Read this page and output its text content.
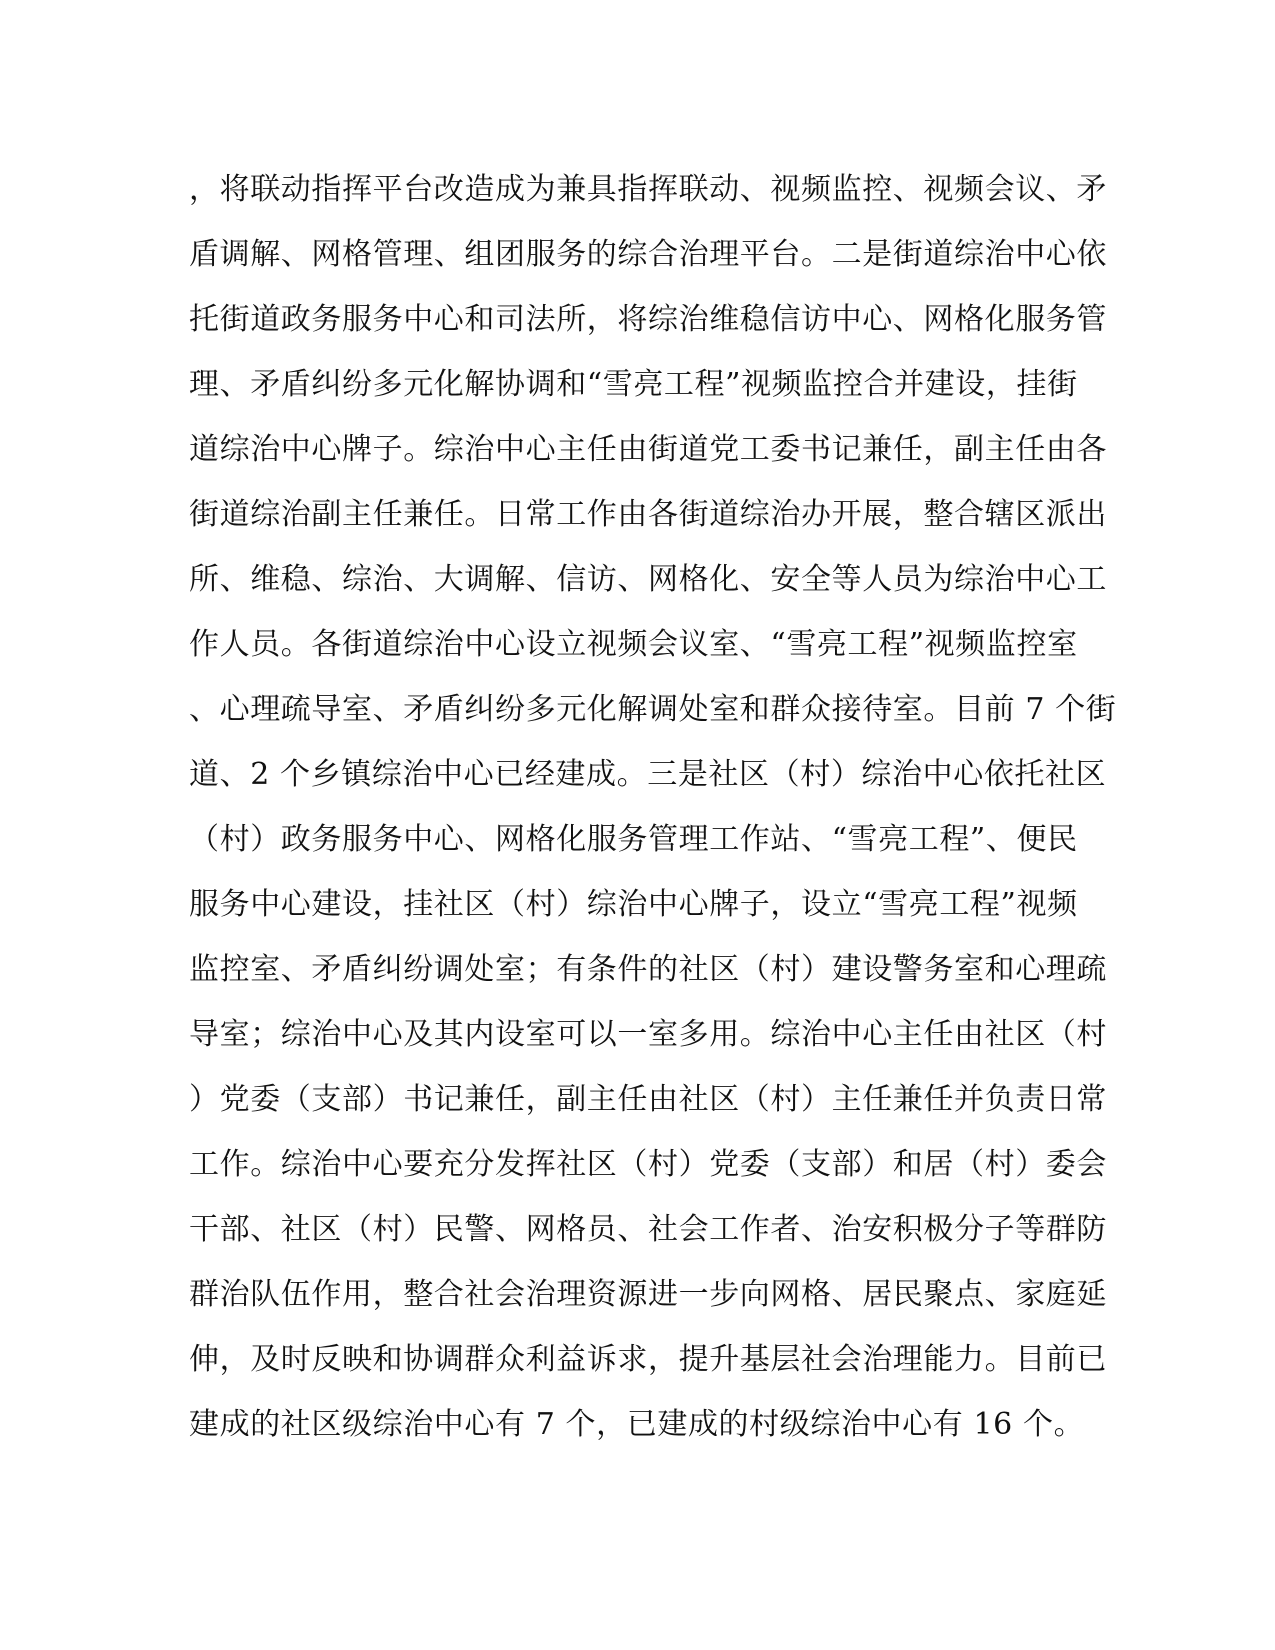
，将联动指挥平台改造成为兼具指挥联动、视频监控、视频会议、矛
盾调解、网格管理、组团服务的综合治理平台。二是街道综治中心依
托街道政务服务中心和司法所，将综治维稳信访中心、网格化服务管
理、矛盾纠纷多元化解协调和“雪亮工程”视频监控合并建设，挂街
道综治中心牌子。综治中心主任由街道党工委书记兼任，副主任由各
街道综治副主任兼任。日常工作由各街道综治办开展，整合辖区派出
所、维稳、综治、大调解、信访、网格化、安全等人员为综治中心工
作人员。各街道综治中心设立视频会议室、“雪亮工程”视频监控室
、心理疏导室、矛盾纠纷多元化解调处室和群众接待室。目前 7 个街
道、2 个乡镇综治中心已经建成。三是社区（村）综治中心依托社区
（村）政务服务中心、网格化服务管理工作站、“雪亮工程”、便民
服务中心建设，挂社区（村）综治中心牌子，设立“雪亮工程”视频
监控室、矛盾纠纷调处室；有条件的社区（村）建设警务室和心理疏
导室；综治中心及其内设室可以一室多用。综治中心主任由社区（村
）党委（支部）书记兼任，副主任由社区（村）主任兼任并负责日常
工作。综治中心要充分发挥社区（村）党委（支部）和居（村）委会
干部、社区（村）民警、网格员、社会工作者、治安积极分子等群防
群治队伍作用，整合社会治理资源进一步向网格、居民聚点、家庭延
伸，及时反映和协调群众利益诉求，提升基层社会治理能力。目前已
建成的社区级综治中心有 7 个，已建成的村级综治中心有 16 个。
